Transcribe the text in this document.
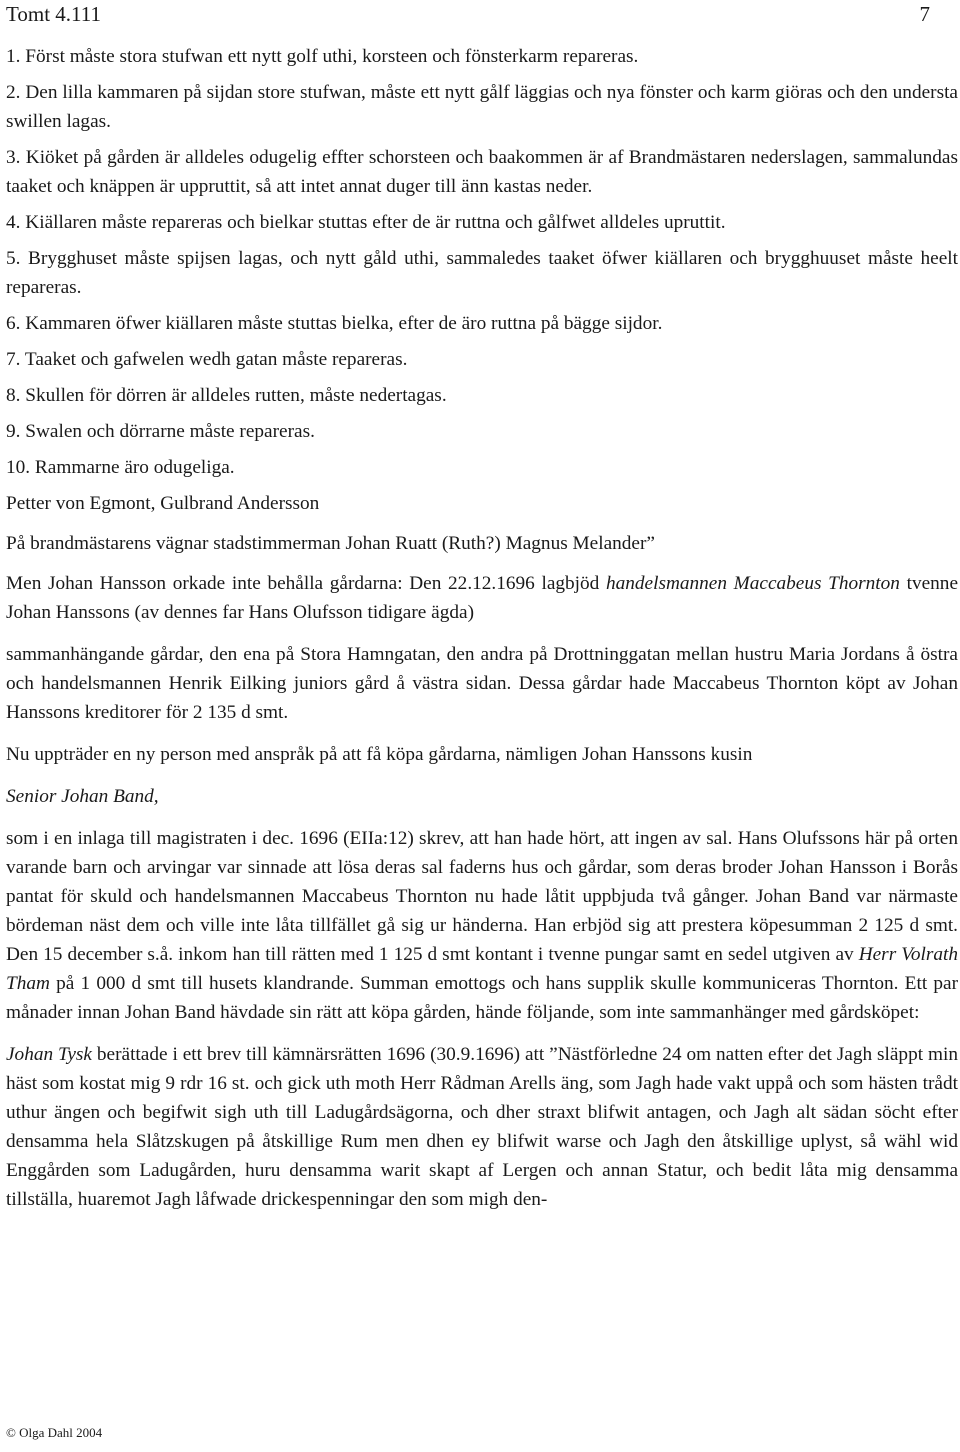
Tomt 4.111	7

1. Först måste stora stufwan ett nytt golf uthi, korsteen och fönsterkarm repareras.

2. Den lilla kammaren på sijdan store stufwan, måste ett nytt gålf läggias och nya fönster och karm giöras och den understa swillen lagas.

3. Kiöket på gården är alldeles odugelig effter schorsteen och baakommen är af Brandmästaren nederslagen, sammalundas taaket och knäppen är uppruttit, så att intet annat duger till änn kastas neder.

4. Kiällaren måste repareras och bielkar stuttas efter de är ruttna och gålfwet alldeles upruttit.

5. Brygghuset måste spijsen lagas, och nytt gåld uthi, sammaledes taaket öfwer kiällaren och brygghuuset måste heelt repareras.

6. Kammaren öfwer kiällaren måste stuttas bielka, efter de äro ruttna på bägge sijdor.

7. Taaket och gafwelen wedh gatan måste repareras.

8. Skullen för dörren är alldeles rutten, måste nedertagas.

9. Swalen och dörrarne måste repareras.

10. Rammarne äro odugeliga.

Petter von Egmont, Gulbrand Andersson

På brandmästarens vägnar stadstimmerman Johan Ruatt (Ruth?) Magnus Melander”

Men Johan Hansson orkade inte behålla gårdarna: Den 22.12.1696 lagbjöd handelsmannen Maccabeus Thornton tvenne Johan Hanssons (av dennes far Hans Olufsson tidigare ägda)

sammanhängande gårdar, den ena på Stora Hamngatan, den andra på Drottninggatan mellan hustru Maria Jordans å östra och handelsmannen Henrik Eilking juniors gård å västra sidan. Dessa gårdar hade Maccabeus Thornton köpt av Johan Hanssons kreditorer för 2 135 d smt.

Nu uppträder en ny person med anspråk på att få köpa gårdarna, nämligen Johan Hanssons kusin

Senior Johan Band,

som i en inlaga till magistraten i dec. 1696 (EIIa:12) skrev, att han hade hört, att ingen av sal. Hans Olufssons här på orten varande barn och arvingar var sinnade att lösa deras sal faderns hus och gårdar, som deras broder Johan Hansson i Borås pantat för skuld och handelsmannen Maccabeus Thornton nu hade låtit uppbjuda två gånger. Johan Band var närmaste bördeman näst dem och ville inte låta tillfället gå sig ur händerna. Han erbjöd sig att prestera köpesumman 2 125 d smt. Den 15 december s.å. inkom han till rätten med 1 125 d smt kontant i tvenne pungar samt en sedel utgiven av Herr Volrath Tham på 1 000 d smt till husets klandrande. Summan emottogs och hans supplik skulle kommuniceras Thornton. Ett par månader innan Johan Band hävdade sin rätt att köpa gården, hände följande, som inte sammanhänger med gårdsköpet:

Johan Tysk berättade i ett brev till kämnärsrätten 1696 (30.9.1696) att ”Nästförledne 24 om natten efter det Jagh släppt min häst som kostat mig 9 rdr 16 st. och gick uth moth Herr Rådman Arells äng, som Jagh hade vakt uppå och som hästen trådt uthur ängen och begifwit sigh uth till Ladugårdsägorna, och dher straxt blifwit antagen, och Jagh alt sädan söcht efter densamma hela Slåtzskugen på åtskillige Rum men dhen ey blifwit warse och Jagh den åtskillige uplyst, så wähl wid Enggården som Ladugården, huru densamma warit skapt af Lergen och annan Statur, och bedit låta mig densamma tillställa, huaremot Jagh låfwade drickespenningar den som migh den-

© Olga Dahl 2004
